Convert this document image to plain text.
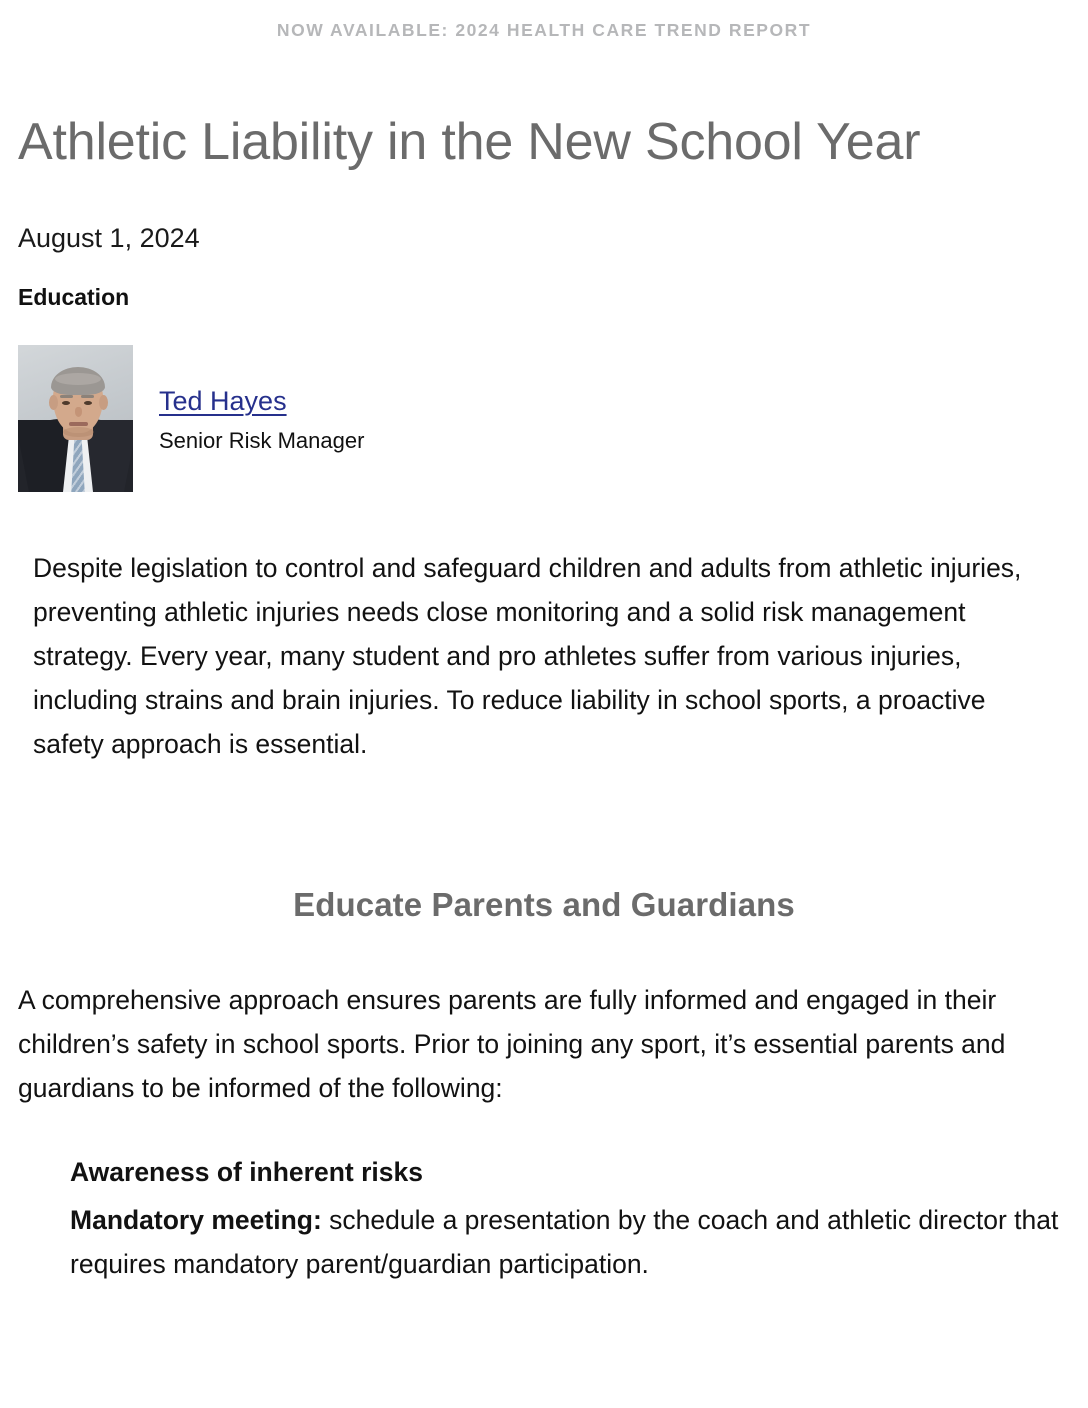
NOW AVAILABLE: 2024 HEALTH CARE TREND REPORT
Athletic Liability in the New School Year

August 1, 2024

Education

Ted Hayes
Senior Risk Manager

Despite legislation to control and safeguard children and adults from athletic injuries, preventing athletic injuries needs close monitoring and a solid risk management strategy. Every year, many student and pro athletes suffer from various injuries, including strains and brain injuries. To reduce liability in school sports, a proactive safety approach is essential.

Educate Parents and Guardians

A comprehensive approach ensures parents are fully informed and engaged in their children’s safety in school sports. Prior to joining any sport, it’s essential parents and guardians to be informed of the following:

Awareness of inherent risks
Mandatory meeting: schedule a presentation by the coach and athletic director that requires mandatory parent/guardian participation.
